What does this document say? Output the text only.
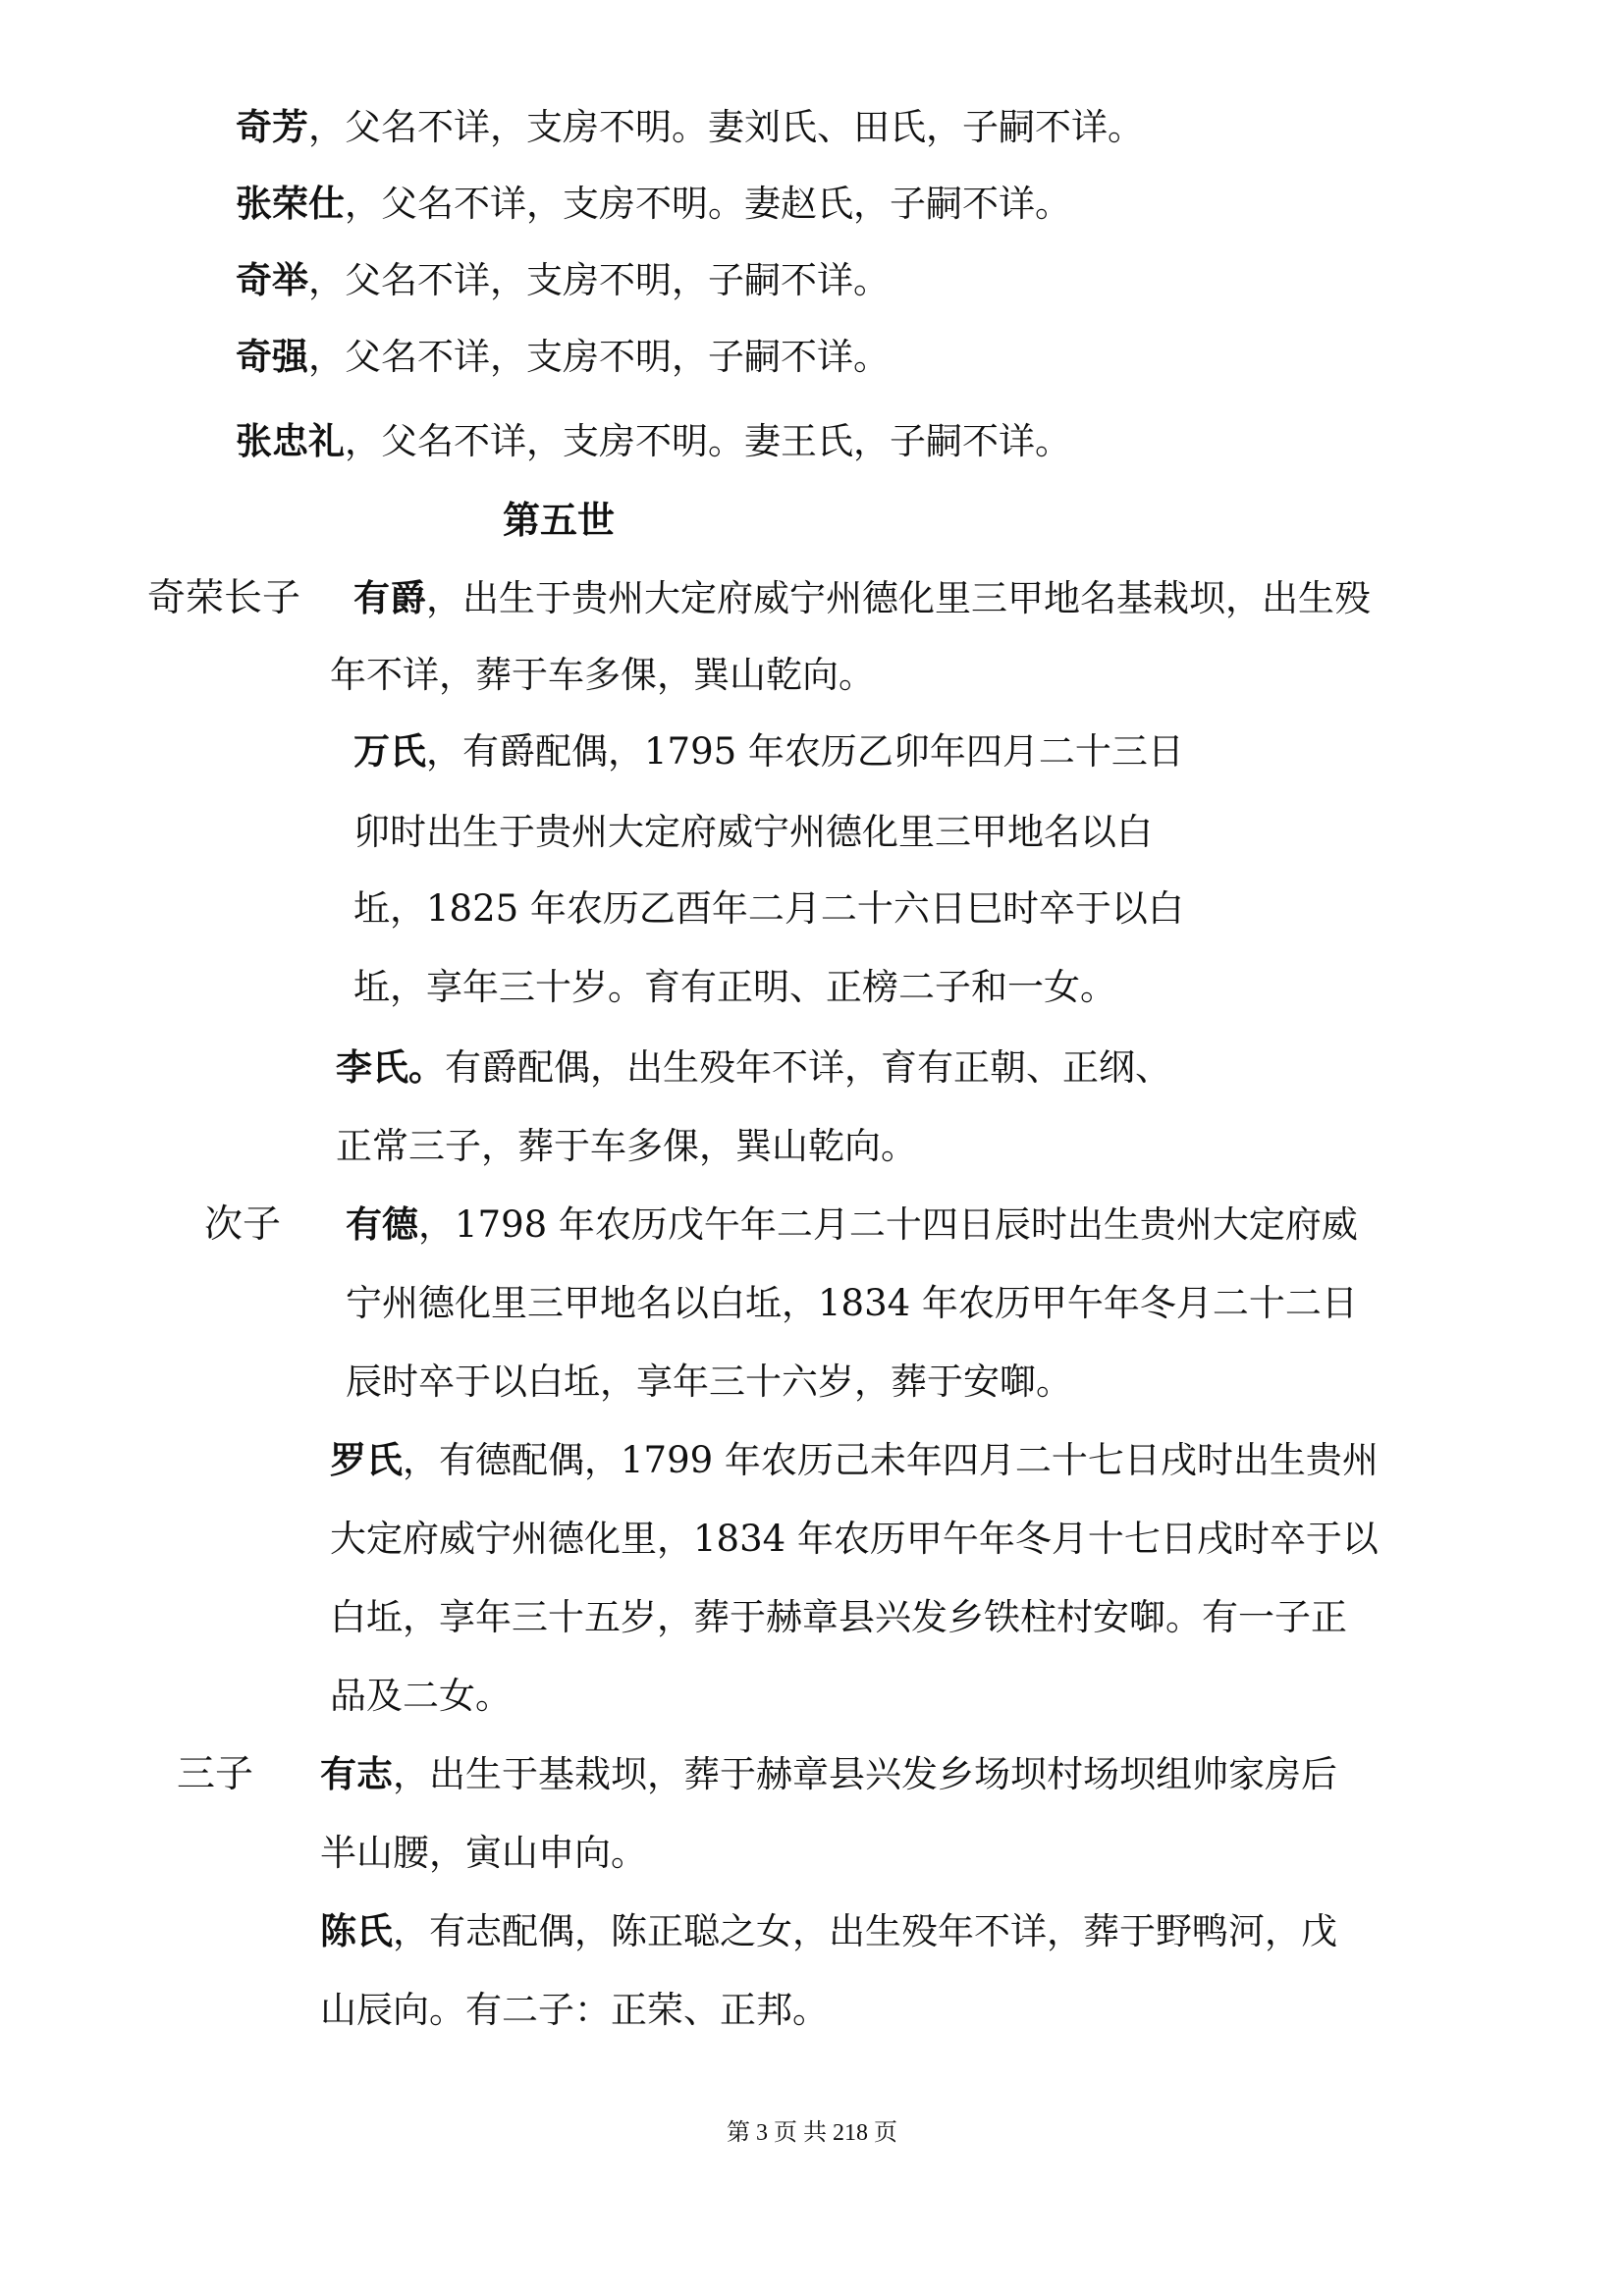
奇芳，父名不详，支房不明。妻刘氏、田氏，子嗣不详。
张荣仕，父名不详，支房不明。妻赵氏，子嗣不详。
奇举，父名不详，支房不明，子嗣不详。
奇强，父名不详，支房不明，子嗣不详。
张忠礼，父名不详，支房不明。妻王氏，子嗣不详。
第五世
奇荣长子 有爵，出生于贵州大定府威宁州德化里三甲地名基栽坝，出生殁
年不详，葬于车多倮，巽山乾向。
万氏，有爵配偶，1795 年农历乙卯年四月二十三日
卯时出生于贵州大定府威宁州德化里三甲地名以白
坵，1825 年农历乙酉年二月二十六日巳时卒于以白
坵，享年三十岁。育有正明、正榜二子和一女。
李氏。有爵配偶，出生殁年不详，育有正朝、正纲、
正常三子，葬于车多倮，巽山乾向。
次子 有德，1798 年农历戊午年二月二十四日辰时出生贵州大定府威
宁州德化里三甲地名以白坵，1834 年农历甲午年冬月二十二日
辰时卒于以白坵，享年三十六岁，葬于安啣。
罗氏，有德配偶，1799 年农历己未年四月二十七日戌时出生贵州
大定府威宁州德化里，1834 年农历甲午年冬月十七日戌时卒于以
白坵，享年三十五岁，葬于赫章县兴发乡铁柱村安啣。有一子正
品及二女。
三子 有志，出生于基栽坝，葬于赫章县兴发乡场坝村场坝组帅家房后
半山腰，寅山申向。
陈氏，有志配偶，陈正聪之女，出生殁年不详，葬于野鸭河，戊
山辰向。有二子：正荣、正邦。
第 3 页 共 218 页
